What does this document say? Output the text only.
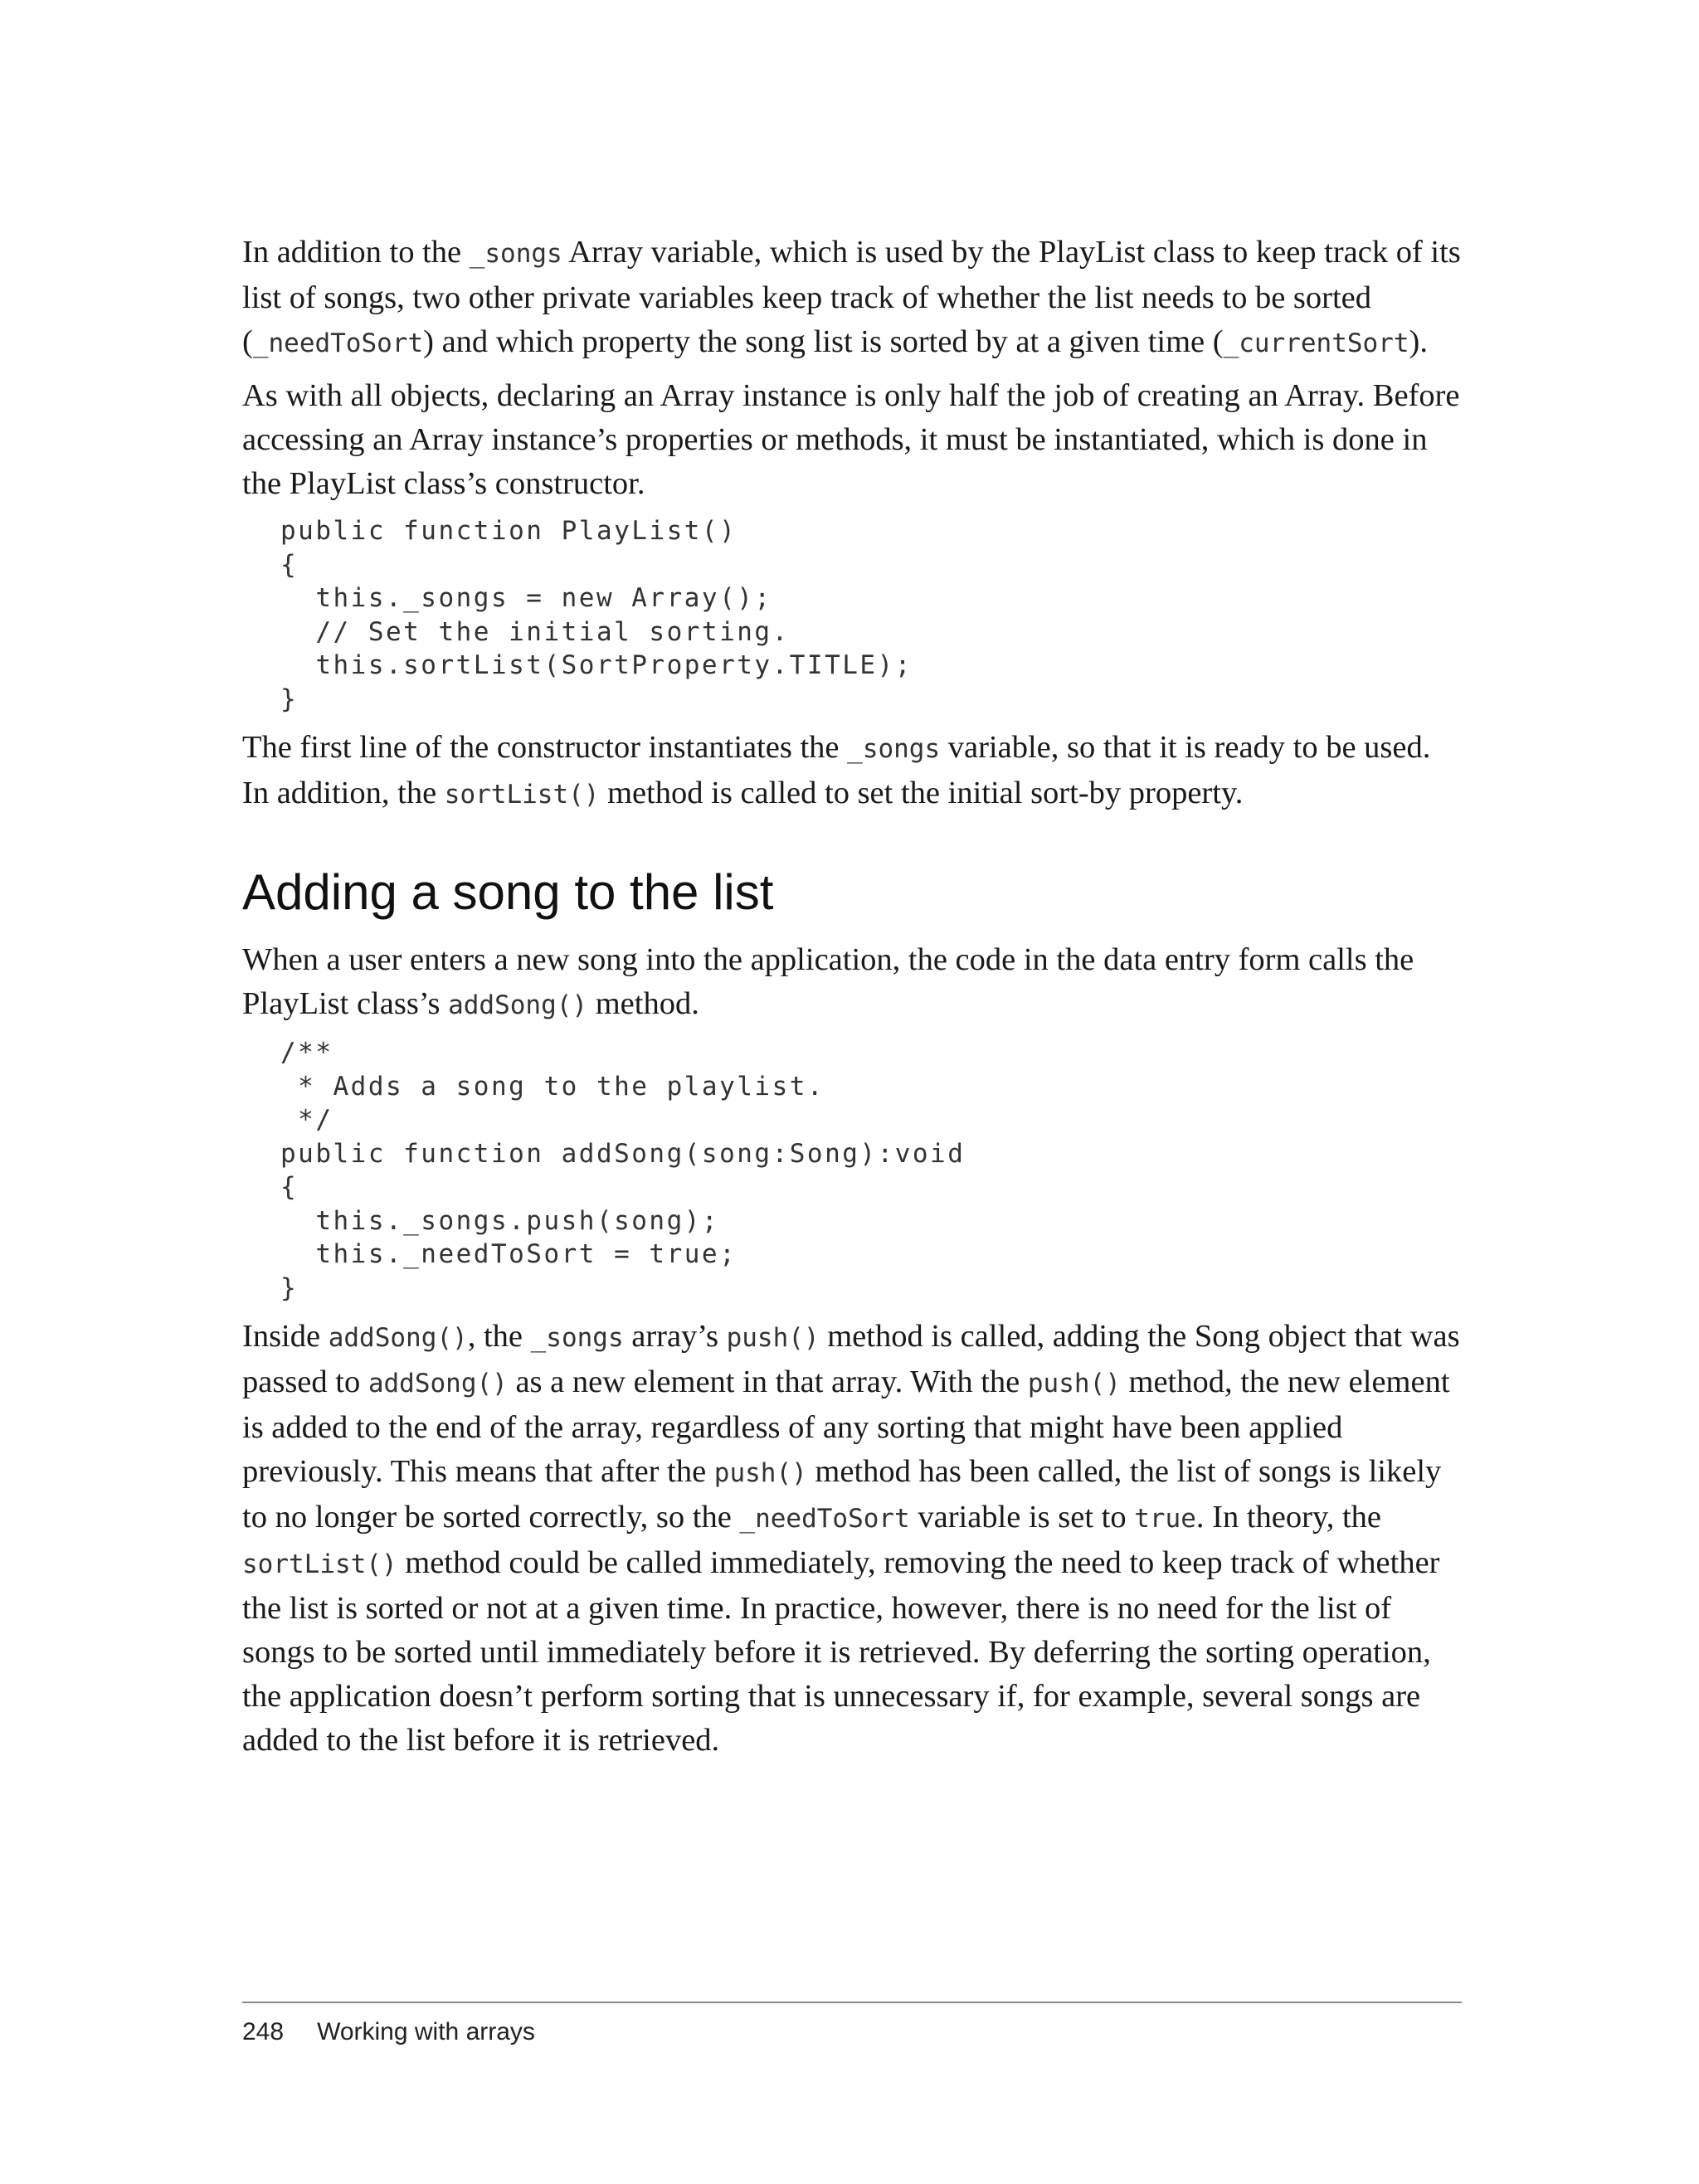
In addition to the _songs Array variable, which is used by the PlayList class to keep track of its list of songs, two other private variables keep track of whether the list needs to be sorted (_needToSort) and which property the song list is sorted by at a given time (_currentSort).

As with all objects, declaring an Array instance is only half the job of creating an Array. Before accessing an Array instance’s properties or methods, it must be instantiated, which is done in the PlayList class’s constructor.

public function PlayList()
{
this._songs = new Array();
// Set the initial sorting.
this.sortList(SortProperty.TITLE);
}

The first line of the constructor instantiates the _songs variable, so that it is ready to be used. In addition, the sortList() method is called to set the initial sort-by property.

Adding a song to the list

When a user enters a new song into the application, the code in the data entry form calls the PlayList class’s addSong() method.

/**
* Adds a song to the playlist.
*/
public function addSong(song:Song):void
{
this._songs.push(song);
this._needToSort = true;
}

Inside addSong(), the _songs array’s push() method is called, adding the Song object that was passed to addSong() as a new element in that array. With the push() method, the new element is added to the end of the array, regardless of any sorting that might have been applied previously. This means that after the push() method has been called, the list of songs is likely to no longer be sorted correctly, so the _needToSort variable is set to true. In theory, the sortList() method could be called immediately, removing the need to keep track of whether the list is sorted or not at a given time. In practice, however, there is no need for the list of songs to be sorted until immediately before it is retrieved. By deferring the sorting operation, the application doesn’t perform sorting that is unnecessary if, for example, several songs are added to the list before it is retrieved.

248 Working with arrays
